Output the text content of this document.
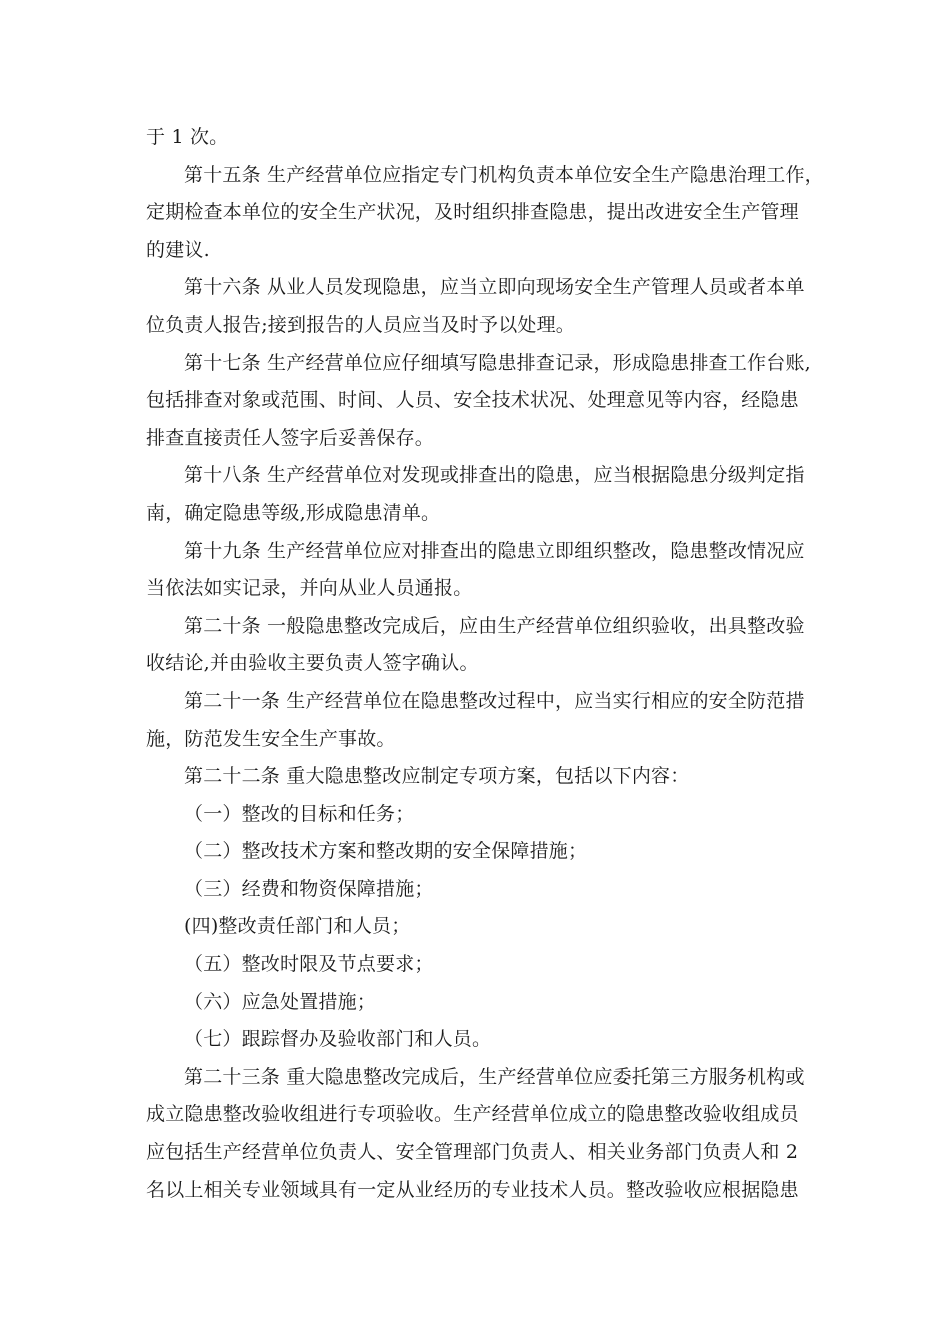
于 1 次。
第十五条 生产经营单位应指定专门机构负责本单位安全生产隐患治理工作，
定期检查本单位的安全生产状况，及时组织排查隐患，提出改进安全生产管理
的建议.
第十六条 从业人员发现隐患，应当立即向现场安全生产管理人员或者本单
位负责人报告;接到报告的人员应当及时予以处理。
第十七条 生产经营单位应仔细填写隐患排查记录，形成隐患排查工作台账,
包括排查对象或范围、时间、人员、安全技术状况、处理意见等内容，经隐患
排查直接责任人签字后妥善保存。
第十八条 生产经营单位对发现或排查出的隐患，应当根据隐患分级判定指
南，确定隐患等级,形成隐患清单。
第十九条 生产经营单位应对排查出的隐患立即组织整改，隐患整改情况应
当依法如实记录，并向从业人员通报。
第二十条 一般隐患整改完成后，应由生产经营单位组织验收，出具整改验
收结论,并由验收主要负责人签字确认。
第二十一条 生产经营单位在隐患整改过程中，应当实行相应的安全防范措
施，防范发生安全生产事故。
第二十二条 重大隐患整改应制定专项方案，包括以下内容：
（一）整改的目标和任务；
（二）整改技术方案和整改期的安全保障措施；
（三）经费和物资保障措施；
(四)整改责任部门和人员；
（五）整改时限及节点要求；
（六）应急处置措施；
（七）跟踪督办及验收部门和人员。
第二十三条 重大隐患整改完成后，生产经营单位应委托第三方服务机构或
成立隐患整改验收组进行专项验收。生产经营单位成立的隐患整改验收组成员
应包括生产经营单位负责人、安全管理部门负责人、相关业务部门负责人和 2
名以上相关专业领域具有一定从业经历的专业技术人员。整改验收应根据隐患
